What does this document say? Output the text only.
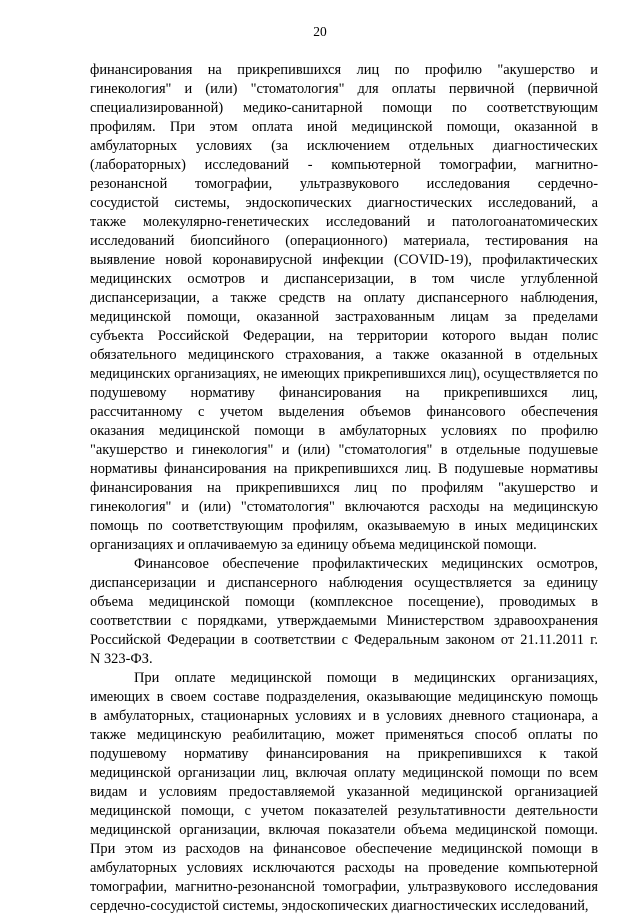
20
финансирования на прикрепившихся лиц по профилю "акушерство и
гинекология" и (или) "стоматология" для оплаты первичной (первичной
специализированной) медико-санитарной помощи по соответствующим
профилям. При этом оплата иной медицинской помощи, оказанной в
амбулаторных условиях (за исключением отдельных диагностических
(лабораторных) исследований - компьютерной томографии, магнитно-
резонансной томографии, ультразвукового исследования сердечно-
сосудистой системы, эндоскопических диагностических исследований, а
также молекулярно-генетических исследований и патологоанатомических
исследований биопсийного (операционного) материала, тестирования на
выявление новой коронавирусной инфекции (COVID-19), профилактических
медицинских осмотров и диспансеризации, в том числе углубленной
диспансеризации, а также средств на оплату диспансерного наблюдения,
медицинской помощи, оказанной застрахованным лицам за пределами
субъекта Российской Федерации, на территории которого выдан полис
обязательного медицинского страхования, а также оказанной в отдельных
медицинских организациях, не имеющих прикрепившихся лиц), осуществляется по
подушевому нормативу финансирования на прикрепившихся лиц,
рассчитанному с учетом выделения объемов финансового обеспечения
оказания медицинской помощи в амбулаторных условиях по профилю
"акушерство и гинекология" и (или) "стоматология" в отдельные подушевые
нормативы финансирования на прикрепившихся лиц. В подушевые нормативы
финансирования на прикрепившихся лиц по профилям "акушерство и
гинекология" и (или) "стоматология" включаются расходы на медицинскую
помощь по соответствующим профилям, оказываемую в иных медицинских
организациях и оплачиваемую за единицу объема медицинской помощи.
Финансовое обеспечение профилактических медицинских осмотров,
диспансеризации и диспансерного наблюдения осуществляется за единицу
объема медицинской помощи (комплексное посещение), проводимых в
соответствии с порядками, утверждаемыми Министерством здравоохранения
Российской Федерации в соответствии с Федеральным законом от 21.11.2011 г.
N 323-ФЗ.
При оплате медицинской помощи в медицинских организациях,
имеющих в своем составе подразделения, оказывающие медицинскую помощь
в амбулаторных, стационарных условиях и в условиях дневного стационара, а
также медицинскую реабилитацию, может применяться способ оплаты по
подушевому нормативу финансирования на прикрепившихся к такой
медицинской организации лиц, включая оплату медицинской помощи по всем
видам и условиям предоставляемой указанной медицинской организацией
медицинской помощи, с учетом показателей результативности деятельности
медицинской организации, включая показатели объема медицинской помощи.
При этом из расходов на финансовое обеспечение медицинской помощи в
амбулаторных условиях исключаются расходы на проведение компьютерной
томографии, магнитно-резонансной томографии, ультразвукового исследования
сердечно-сосудистой системы, эндоскопических диагностических исследований,
